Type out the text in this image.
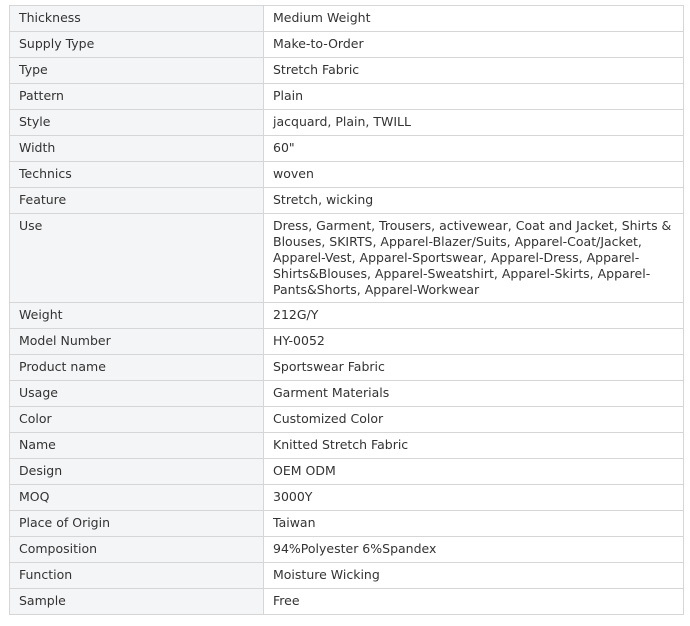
Thickness	Medium Weight
Supply Type	Make-to-Order
Type	Stretch Fabric
Pattern	Plain
Style	jacquard, Plain, TWILL
Width	60"
Technics	woven
Feature	Stretch, wicking
Use	Dress, Garment, Trousers, activewear, Coat and Jacket, Shirts &
Blouses, SKIRTS, Apparel-Blazer/Suits, Apparel-Coat/Jacket,
Apparel-Vest, Apparel-Sportswear, Apparel-Dress, Apparel-
Shirts&Blouses, Apparel-Sweatshirt, Apparel-Skirts, Apparel-
Pants&Shorts, Apparel-Workwear
Weight	212G/Y
Model Number	HY-0052
Product name	Sportswear Fabric
Usage	Garment Materials
Color	Customized Color
Name	Knitted Stretch Fabric
Design	OEM ODM
MOQ	3000Y
Place of Origin	Taiwan
Composition	94%Polyester 6%Spandex
Function	Moisture Wicking
Sample	Free
